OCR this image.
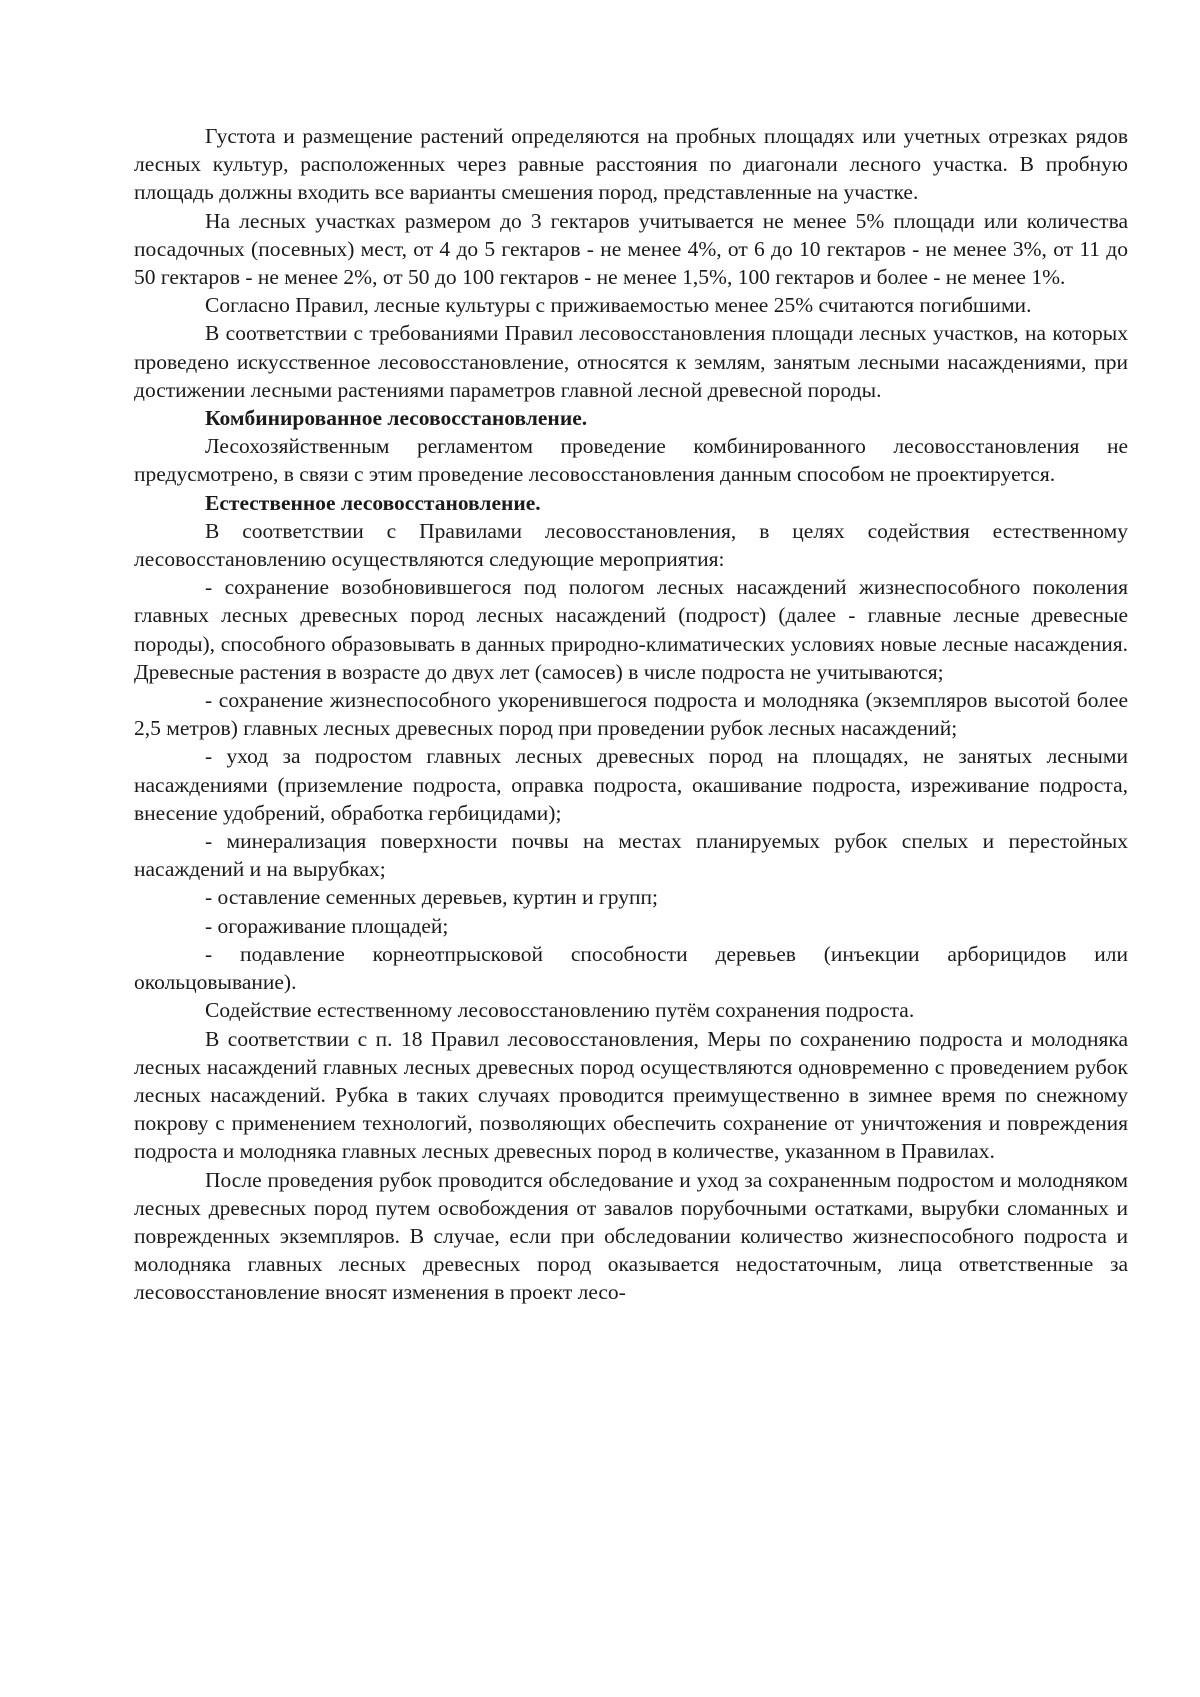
Густота и размещение растений определяются на пробных площадях или учетных отрезках рядов лесных культур, расположенных через равные расстояния по диагонали лесного участка. В пробную площадь должны входить все варианты смешения пород, представленные на участке.

На лесных участках размером до 3 гектаров учитывается не менее 5% площади или количества посадочных (посевных) мест, от 4 до 5 гектаров - не менее 4%, от 6 до 10 гектаров - не менее 3%, от 11 до 50 гектаров - не менее 2%, от 50 до 100 гектаров - не менее 1,5%, 100 гектаров и более - не менее 1%.

Согласно Правил, лесные культуры с приживаемостью менее 25% считаются погибшими.

В соответствии с требованиями Правил лесовосстановления площади лесных участков, на которых проведено искусственное лесовосстановление, относятся к землям, занятым лесными насаждениями, при достижении лесными растениями параметров главной лесной древесной породы.

Комбинированное лесовосстановление.

Лесохозяйственным регламентом проведение комбинированного лесовосстановления не предусмотрено, в связи с этим проведение лесовосстановления данным способом не проектируется.

Естественное лесовосстановление.

В соответствии с Правилами лесовосстановления, в целях содействия естественному лесовосстановлению осуществляются следующие мероприятия:

- сохранение возобновившегося под пологом лесных насаждений жизнеспособного поколения главных лесных древесных пород лесных насаждений (подрост) (далее - главные лесные древесные породы), способного образовывать в данных природно-климатических условиях новые лесные насаждения. Древесные растения в возрасте до двух лет (самосев) в числе подроста не учитываются;

- сохранение жизнеспособного укоренившегося подроста и молодняка (экземпляров высотой более 2,5 метров) главных лесных древесных пород при проведении рубок лесных насаждений;

- уход за подростом главных лесных древесных пород на площадях, не занятых лесными насаждениями (приземление подроста, оправка подроста, окашивание подроста, изреживание подроста, внесение удобрений, обработка гербицидами);

- минерализация поверхности почвы на местах планируемых рубок спелых и перестойных насаждений и на вырубках;

- оставление семенных деревьев, куртин и групп;

- огораживание площадей;

- подавление корнеотпрысковой способности деревьев (инъекции арборицидов или окольцовывание).

Содействие естественному лесовосстановлению путём сохранения подроста.

В соответствии с п. 18 Правил лесовосстановления, Меры по сохранению подроста и молодняка лесных насаждений главных лесных древесных пород осуществляются одновременно с проведением рубок лесных насаждений. Рубка в таких случаях проводится преимущественно в зимнее время по снежному покрову с применением технологий, позволяющих обеспечить сохранение от уничтожения и повреждения подроста и молодняка главных лесных древесных пород в количестве, указанном в Правилах.

После проведения рубок проводится обследование и уход за сохраненным подростом и молодняком лесных древесных пород путем освобождения от завалов порубочными остатками, вырубки сломанных и поврежденных экземпляров. В случае, если при обследовании количество жизнеспособного подроста и молодняка главных лесных древесных пород оказывается недостаточным, лица ответственные за лесовосстановление вносят изменения в проект лесо-
